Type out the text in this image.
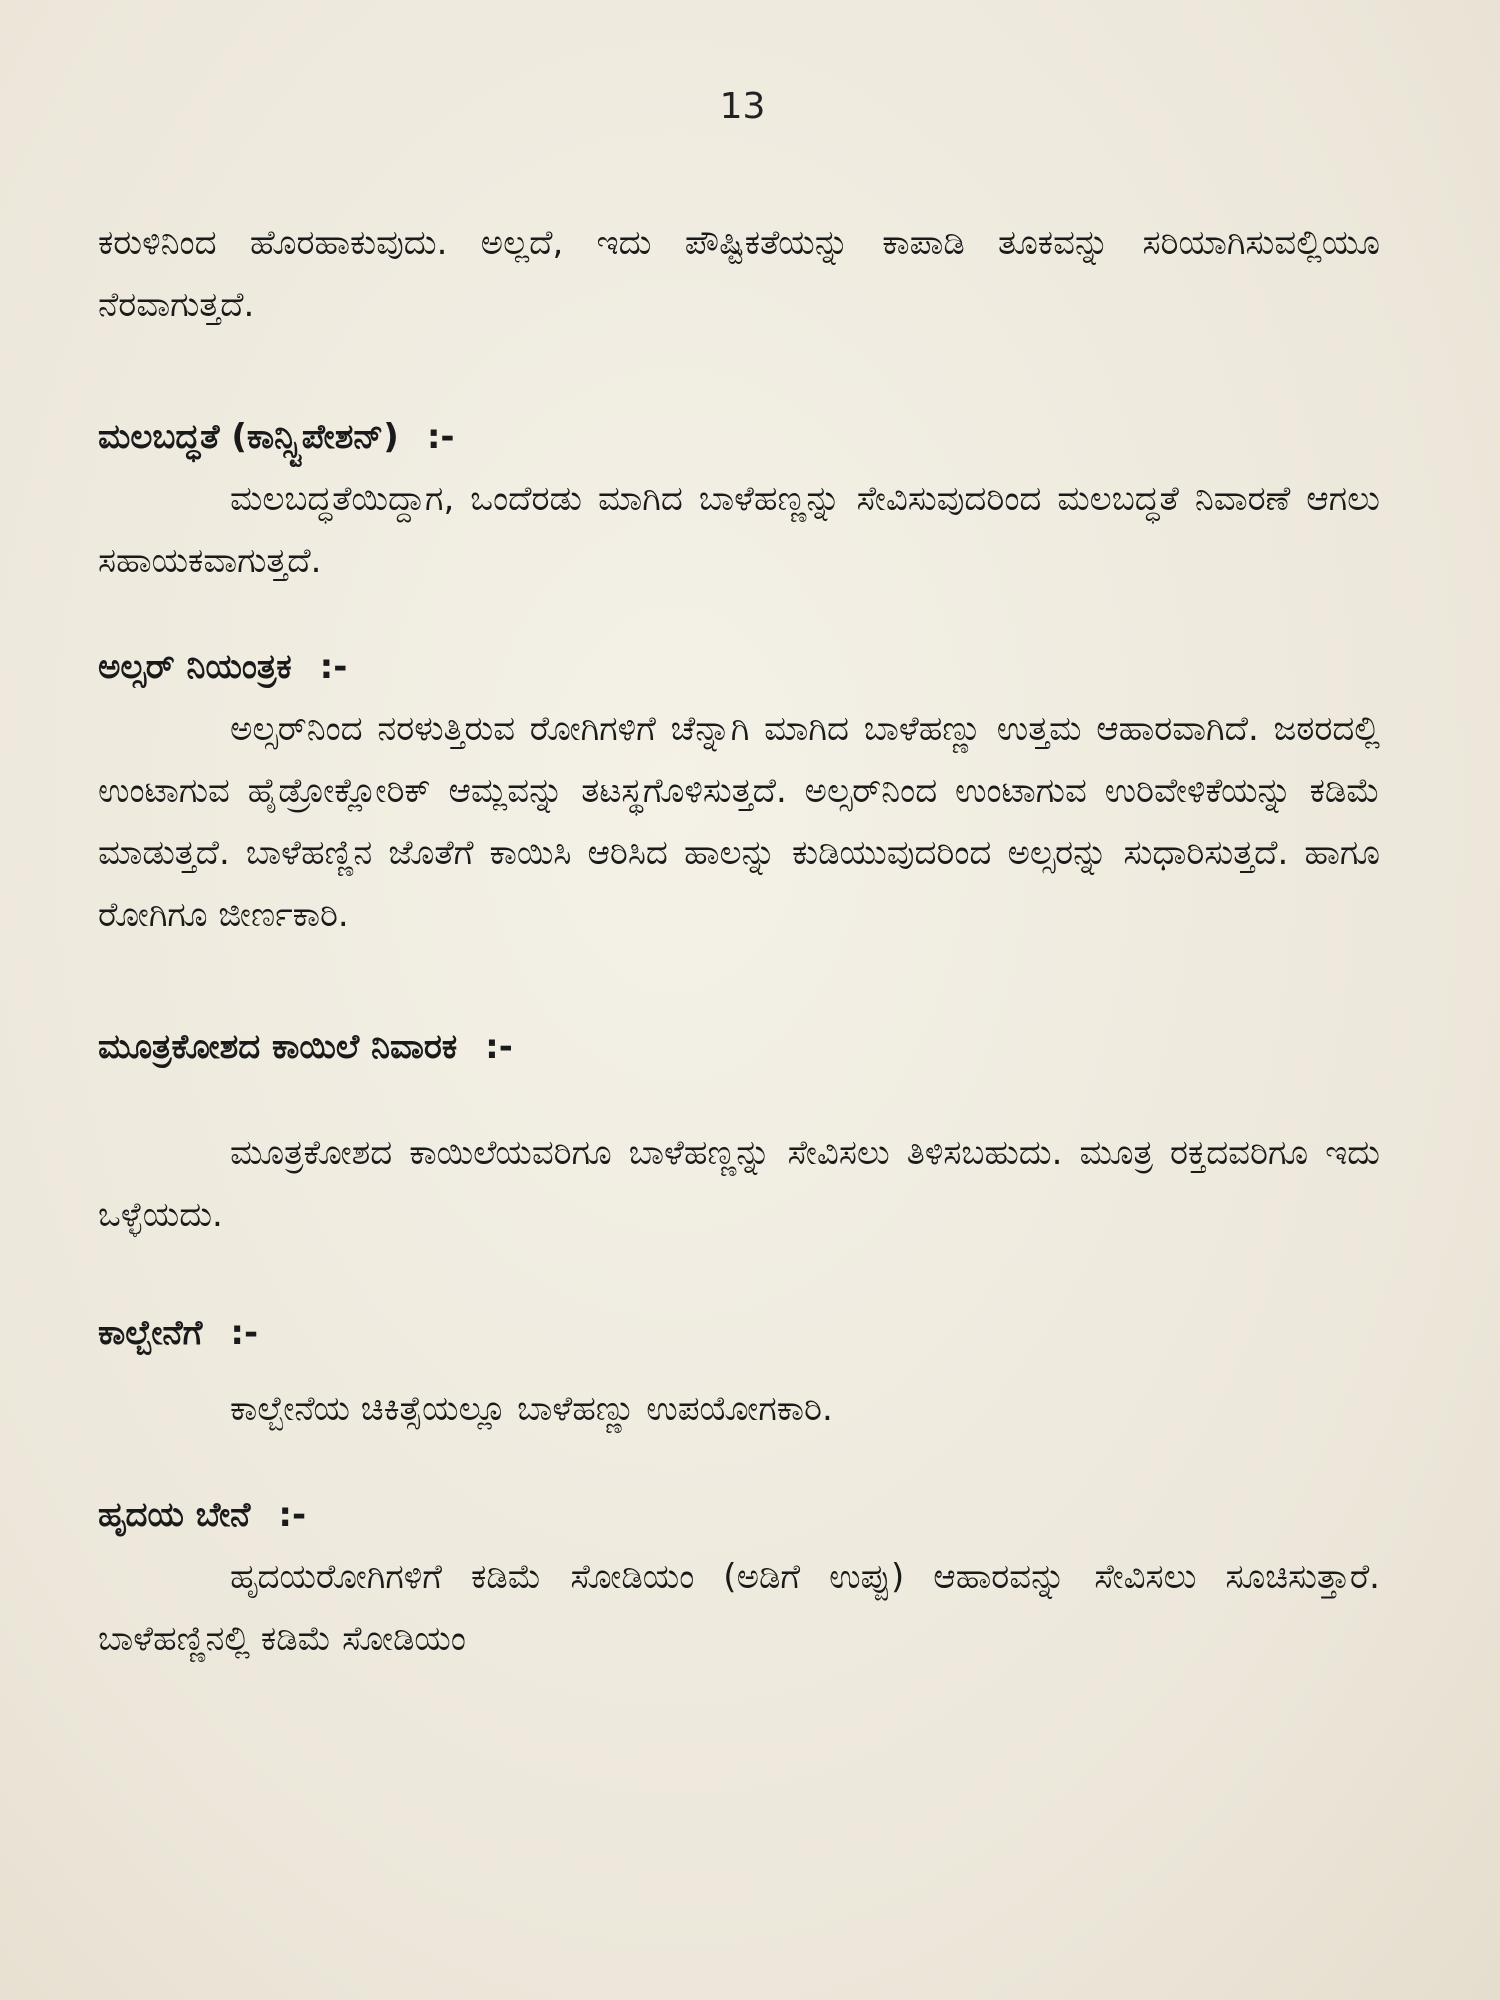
13

ಕರುಳಿನಿಂದ ಹೊರಹಾಕುವುದು. ಅಲ್ಲದೆ, ಇದು ಪೌಷ್ಟಿಕತೆಯನ್ನು ಕಾಪಾಡಿ ತೂಕವನ್ನು ಸರಿಯಾಗಿಸುವಲ್ಲಿಯೂ ನೆರವಾಗುತ್ತದೆ.

ಮಲಬದ್ಧತೆ (ಕಾನ್ಸ್ಟಿಪೇಶನ್) :-

ಮಲಬದ್ಧತೆಯಿದ್ದಾಗ, ಒಂದೆರಡು ಮಾಗಿದ ಬಾಳೆಹಣ್ಣನ್ನು ಸೇವಿಸುವುದರಿಂದ ಮಲಬದ್ಧತೆ ನಿವಾರಣೆ ಆಗಲು ಸಹಾಯಕವಾಗುತ್ತದೆ.

ಅಲ್ಸರ್ ನಿಯಂತ್ರಕ :-

ಅಲ್ಸರ್‌ನಿಂದ ನರಳುತ್ತಿರುವ ರೋಗಿಗಳಿಗೆ ಚೆನ್ನಾಗಿ ಮಾಗಿದ ಬಾಳೆಹಣ್ಣು ಉತ್ತಮ ಆಹಾರವಾಗಿದೆ. ಜಠರದಲ್ಲಿ ಉಂಟಾಗುವ ಹೈಡ್ರೋಕ್ಲೋರಿಕ್ ಆಮ್ಲವನ್ನು ತಟಸ್ಥಗೊಳಿಸುತ್ತದೆ. ಅಲ್ಸರ್‌ನಿಂದ ಉಂಟಾಗುವ ಉರಿವೇಳಿಕೆಯನ್ನು ಕಡಿಮೆ ಮಾಡುತ್ತದೆ. ಬಾಳೆಹಣ್ಣಿನ ಜೊತೆಗೆ ಕಾಯಿಸಿ ಆರಿಸಿದ ಹಾಲನ್ನು ಕುಡಿಯುವುದರಿಂದ ಅಲ್ಸರನ್ನು ಸುಧಾರಿಸುತ್ತದೆ. ಹಾಗೂ ರೋಗಿಗೂ ಜೀರ್ಣಕಾರಿ.

ಮೂತ್ರಕೋಶದ ಕಾಯಿಲೆ ನಿವಾರಕ :-

ಮೂತ್ರಕೋಶದ ಕಾಯಿಲೆಯವರಿಗೂ ಬಾಳೆಹಣ್ಣನ್ನು ಸೇವಿಸಲು ತಿಳಿಸಬಹುದು. ಮೂತ್ರ ರಕ್ತದವರಿಗೂ ಇದು ಒಳ್ಳೆಯದು.

ಕಾಲ್ಬೇನೆಗೆ :-

ಕಾಲ್ಬೇನೆಯ ಚಿಕಿತ್ಸೆಯಲ್ಲೂ ಬಾಳೆಹಣ್ಣು ಉಪಯೋಗಕಾರಿ.

ಹೃದಯ ಬೇನೆ :-

ಹೃದಯರೋಗಿಗಳಿಗೆ ಕಡಿಮೆ ಸೋಡಿಯಂ (ಅಡಿಗೆ ಉಪ್ಪು) ಆಹಾರವನ್ನು ಸೇವಿಸಲು ಸೂಚಿಸುತ್ತಾರೆ. ಬಾಳೆಹಣ್ಣಿನಲ್ಲಿ ಕಡಿಮೆ ಸೋಡಿಯಂ
